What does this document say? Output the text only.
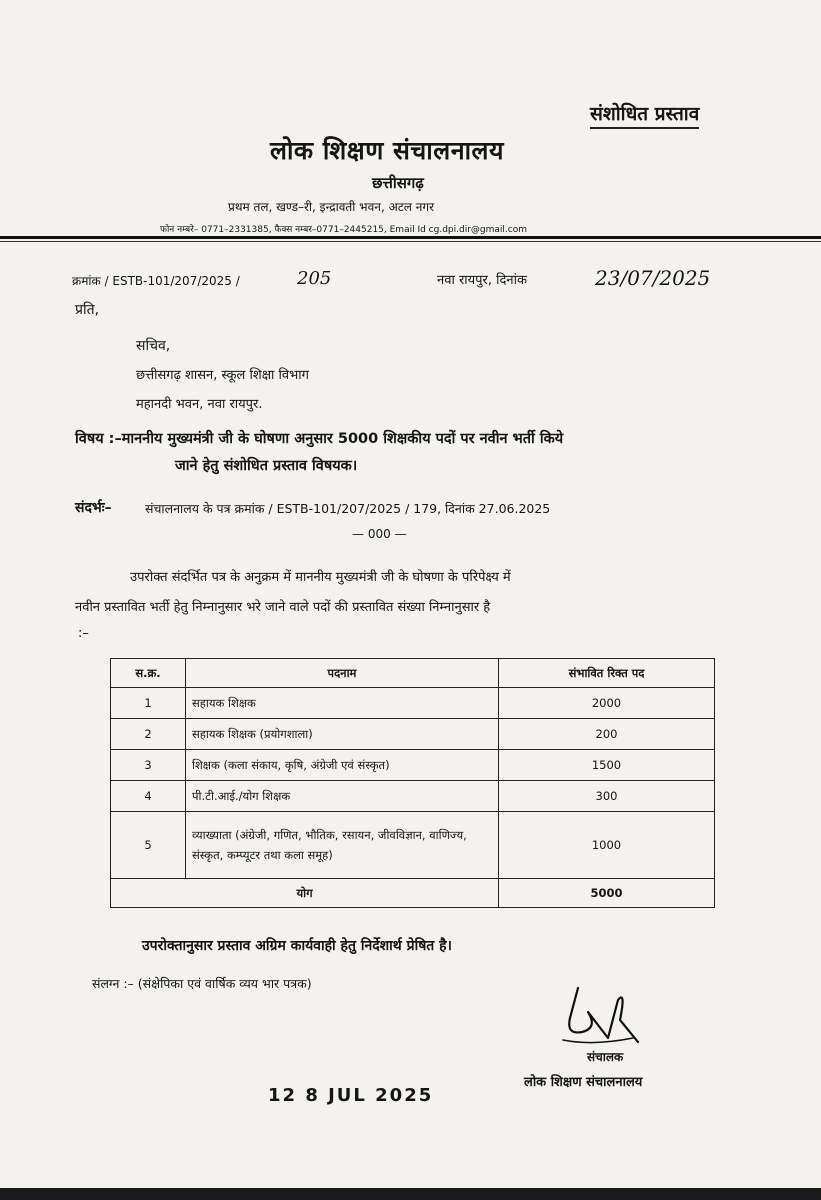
संशोधित प्रस्ताव
लोक शिक्षण संचालनालय
छत्तीसगढ़
प्रथम तल, खण्ड–री, इन्द्रावती भवन, अटल नगर
फोन नम्बरे– 0771–2331385, फैक्स नम्बर–0771–2445215, Email Id cg.dpi.dir@gmail.com
क्रमांक / ESTB-101/207/2025 /	205	नवा रायपुर, दिनांक	23/07/2025
प्रति,
सचिव,
छत्तीसगढ़ शासन, स्कूल शिक्षा विभाग
महानदी भवन, नवा रायपुर.
विषय :–माननीय मुख्यमंत्री जी के घोषणा अनुसार 5000 शिक्षकीय पदों पर नवीन भर्ती किये
जाने हेतु संशोधित प्रस्ताव विषयक।
संदर्भः–	संचालनालय के पत्र क्रमांक / ESTB-101/207/2025 / 179, दिनांक 27.06.2025
— 000 —
उपरोक्त संदर्भित पत्र के अनुक्रम में माननीय मुख्यमंत्री जी के घोषणा के परिपेक्ष्य में
नवीन प्रस्तावित भर्ती हेतु निम्नानुसार भरे जाने वाले पदों की प्रस्तावित संख्या निम्नानुसार है
:–
स.क्र.	पदनाम	संभावित रिक्त पद
1	सहायक शिक्षक	2000
2	सहायक शिक्षक (प्रयोगशाला)	200
3	शिक्षक (कला संकाय, कृषि, अंग्रेजी एवं संस्कृत)	1500
4	पी.टी.आई./योग शिक्षक	300
5	व्याख्याता (अंग्रेजी, गणित, भौतिक, रसायन, जीवविज्ञान, वाणिज्य, संस्कृत, कम्प्यूटर तथा कला समूह)	1000
योग		5000
उपरोक्तानुसार प्रस्ताव अग्रिम कार्यवाही हेतु निर्देशार्थ प्रेषित है।
संलग्न :– (संक्षेपिका एवं वार्षिक व्यय भार पत्रक)
संचालक
लोक शिक्षण संचालनालय
12 8 JUL 2025
